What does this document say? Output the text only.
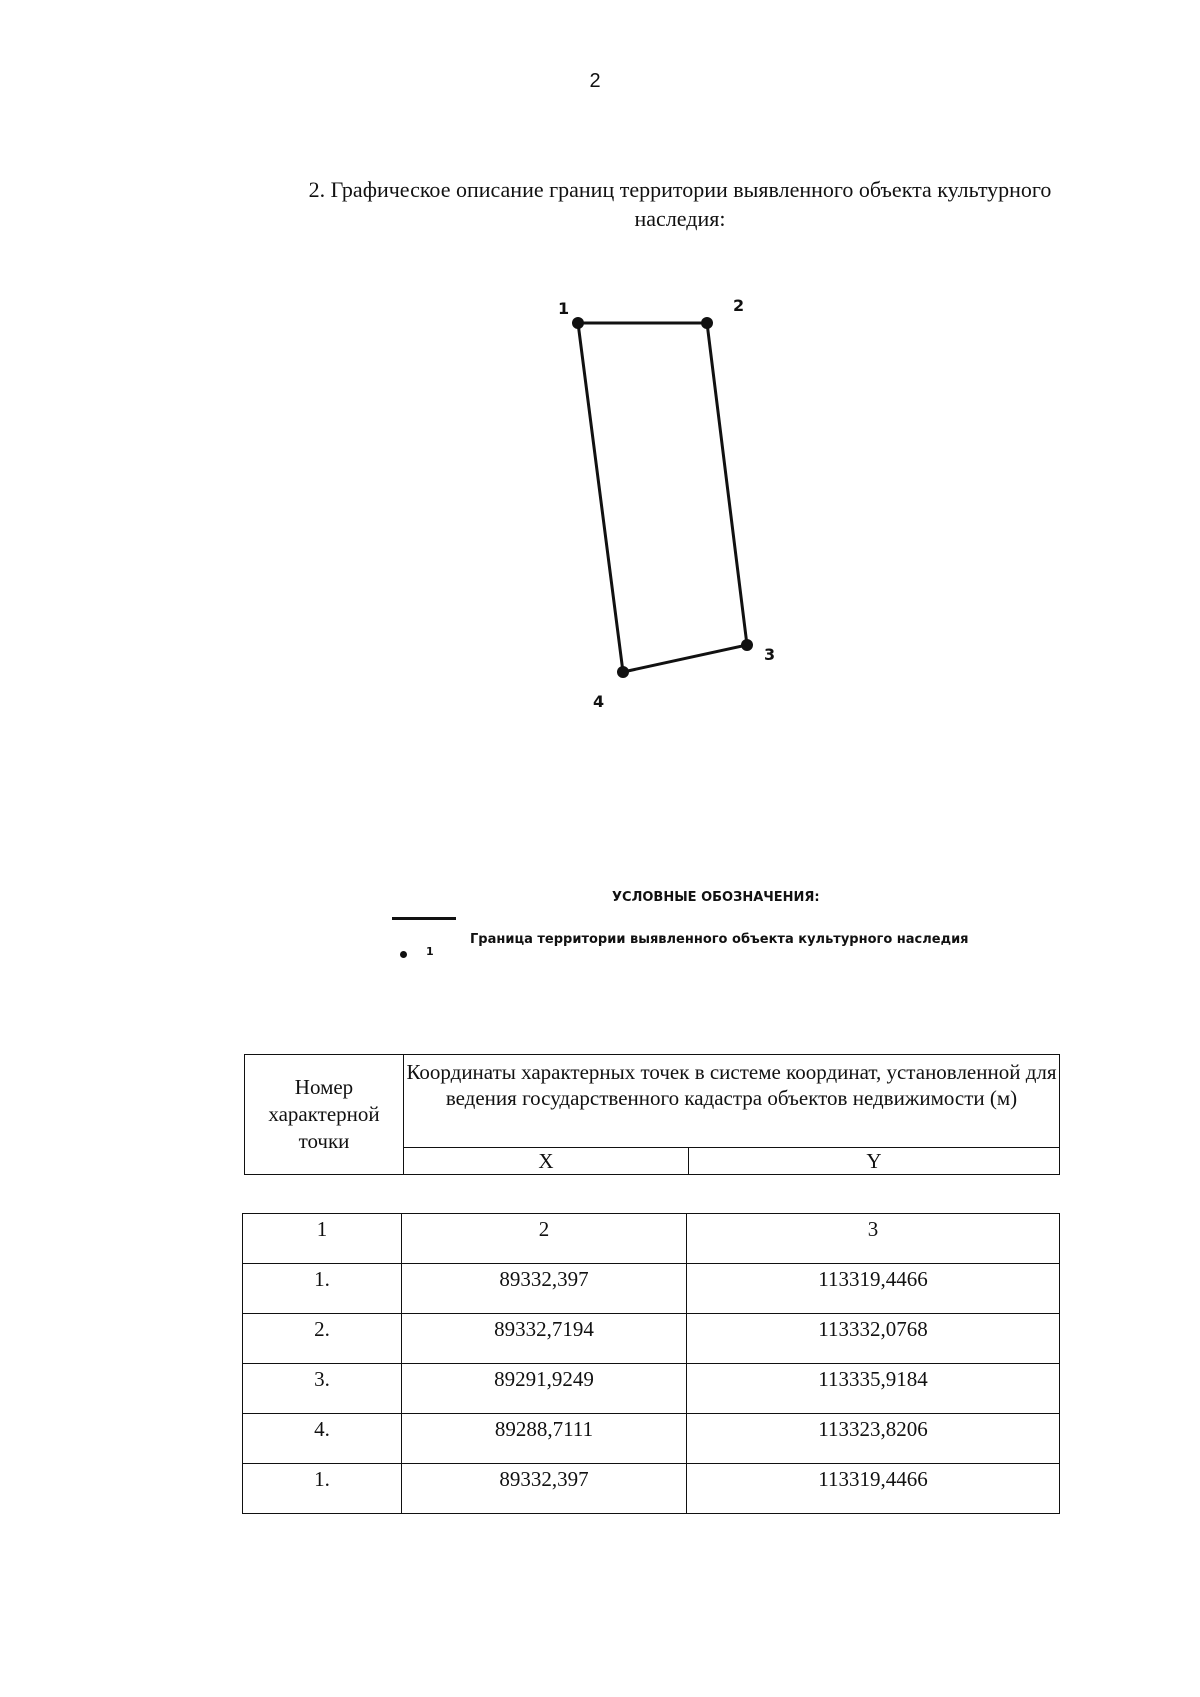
2
2. Графическое описание границ территории выявленного объекта культурного
наследия:
1	2
3
4
УСЛОВНЫЕ ОБОЗНАЧЕНИЯ:
1
Граница территории выявленного объекта культурного наследия
Номер характерной точки	Координаты характерных точек в системе координат, установленной для ведения государственного кадастра объектов недвижимости (м)	
	X	Y
1	2	3
1.	89332,397	113319,4466
2.	89332,7194	113332,0768
3.	89291,9249	113335,9184
4.	89288,7111	113323,8206
1.	89332,397	113319,4466
